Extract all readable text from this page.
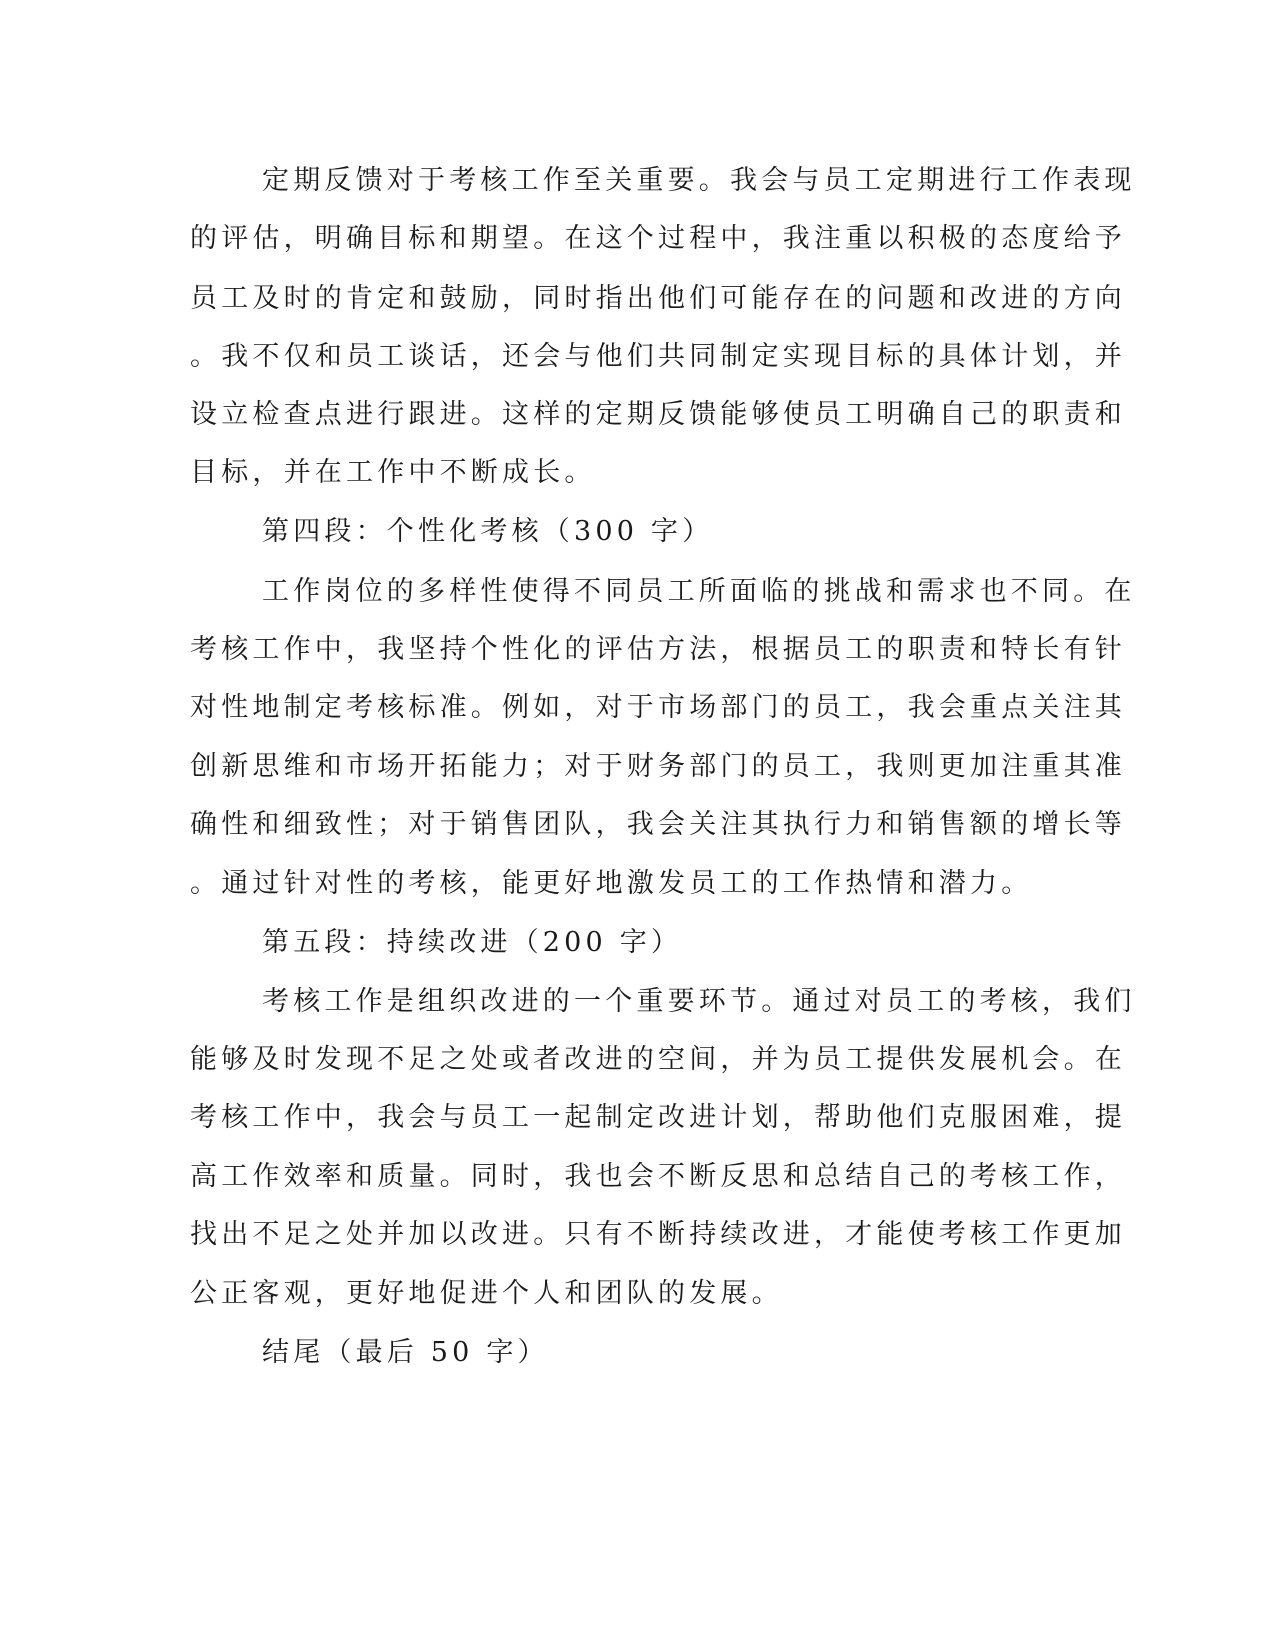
定期反馈对于考核工作至关重要。我会与员工定期进行工作表现
的评估，明确目标和期望。在这个过程中，我注重以积极的态度给予
员工及时的肯定和鼓励，同时指出他们可能存在的问题和改进的方向
。我不仅和员工谈话，还会与他们共同制定实现目标的具体计划，并
设立检查点进行跟进。这样的定期反馈能够使员工明确自己的职责和
目标，并在工作中不断成长。
第四段：个性化考核（300 字）
工作岗位的多样性使得不同员工所面临的挑战和需求也不同。在
考核工作中，我坚持个性化的评估方法，根据员工的职责和特长有针
对性地制定考核标准。例如，对于市场部门的员工，我会重点关注其
创新思维和市场开拓能力；对于财务部门的员工，我则更加注重其准
确性和细致性；对于销售团队，我会关注其执行力和销售额的增长等
。通过针对性的考核，能更好地激发员工的工作热情和潜力。
第五段：持续改进（200 字）
考核工作是组织改进的一个重要环节。通过对员工的考核，我们
能够及时发现不足之处或者改进的空间，并为员工提供发展机会。在
考核工作中，我会与员工一起制定改进计划，帮助他们克服困难，提
高工作效率和质量。同时，我也会不断反思和总结自己的考核工作，
找出不足之处并加以改进。只有不断持续改进，才能使考核工作更加
公正客观，更好地促进个人和团队的发展。
结尾（最后 50 字）
